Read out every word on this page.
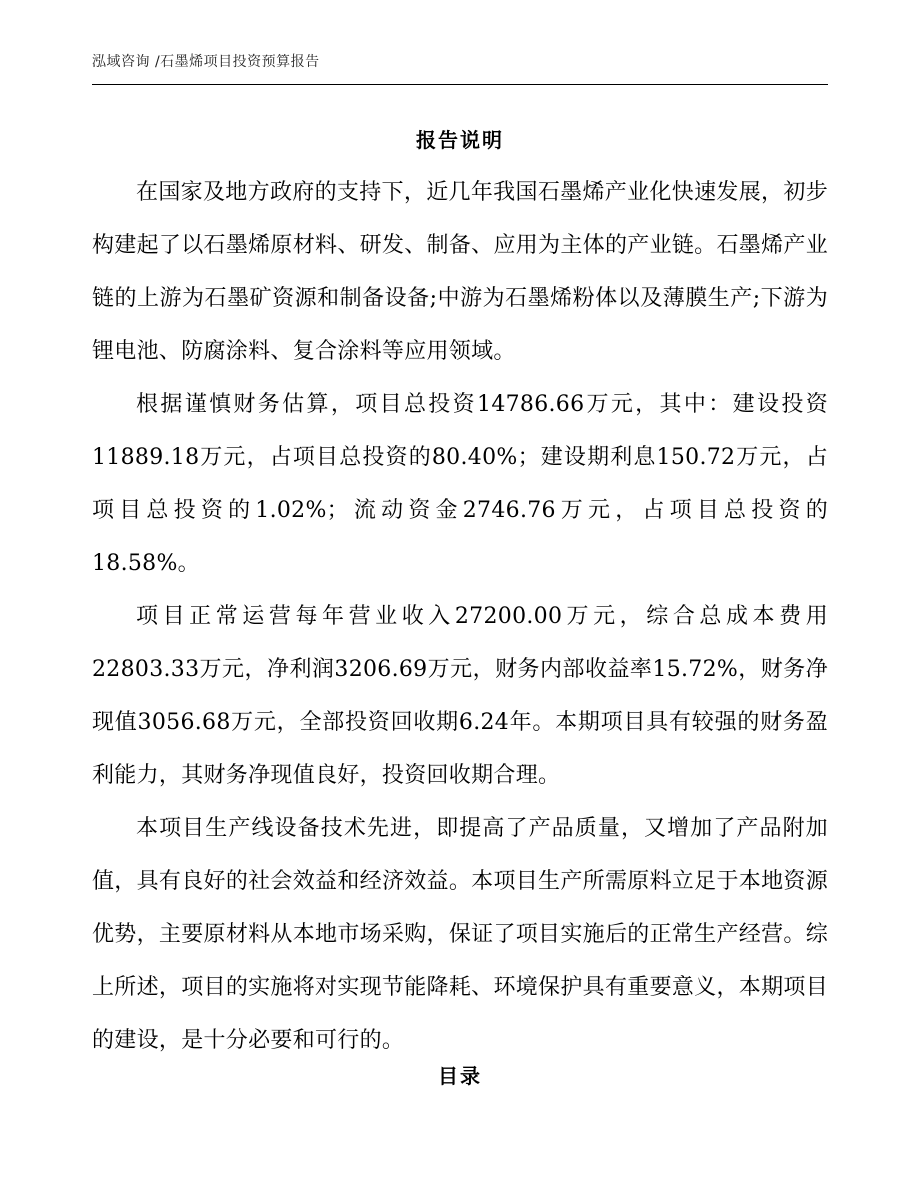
泓域咨询 /石墨烯项目投资预算报告
报告说明

在国家及地方政府的支持下，近几年我国石墨烯产业化快速发展，初步构建起了以石墨烯原材料、研发、制备、应用为主体的产业链。石墨烯产业链的上游为石墨矿资源和制备设备;中游为石墨烯粉体以及薄膜生产;下游为锂电池、防腐涂料、复合涂料等应用领域。

根据谨慎财务估算，项目总投资14786.66万元，其中：建设投资11889.18万元，占项目总投资的80.40%；建设期利息150.72万元，占项目总投资的1.02%；流动资金2746.76万元，占项目总投资的18.58%。

项目正常运营每年营业收入27200.00万元，综合总成本费用22803.33万元，净利润3206.69万元，财务内部收益率15.72%，财务净现值3056.68万元，全部投资回收期6.24年。本期项目具有较强的财务盈利能力，其财务净现值良好，投资回收期合理。

本项目生产线设备技术先进，即提高了产品质量，又增加了产品附加值，具有良好的社会效益和经济效益。本项目生产所需原料立足于本地资源优势，主要原材料从本地市场采购，保证了项目实施后的正常生产经营。综上所述，项目的实施将对实现节能降耗、环境保护具有重要意义，本期项目的建设，是十分必要和可行的。

目录
